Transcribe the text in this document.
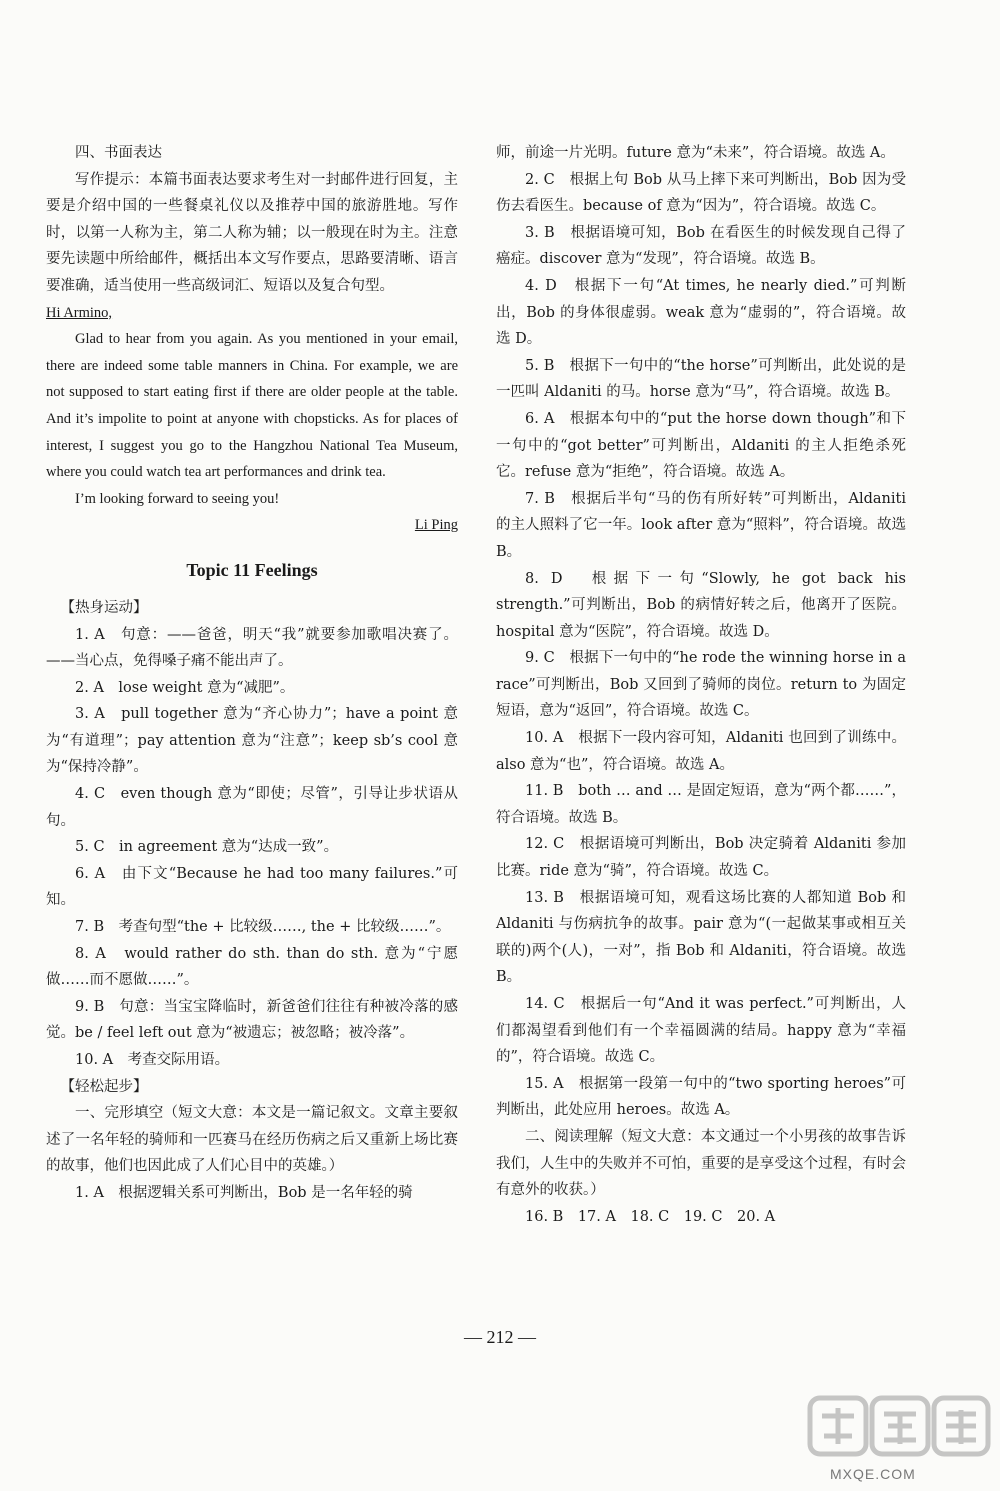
四、书面表达

写作提示：本篇书面表达要求考生对一封邮件进行回复，主要是介绍中国的一些餐桌礼仪以及推荐中国的旅游胜地。写作时，以第一人称为主，第二人称为辅；以一般现在时为主。注意要先读题中所给邮件，概括出本文写作要点，思路要清晰、语言要准确，适当使用一些高级词汇、短语以及复合句型。

Hi Armino,

Glad to hear from you again. As you mentioned in your email, there are indeed some table manners in China. For example, we are not supposed to start eating first if there are older people at the table. And it’s impolite to point at anyone with chopsticks. As for places of interest, I suggest you go to the Hangzhou National Tea Museum, where you could watch tea art performances and drink tea.

I’m looking forward to seeing you!

Li Ping

Topic 11 Feelings

【热身运动】

1. A　句意：——爸爸，明天“我”就要参加歌唱决赛了。——当心点，免得嗓子痛不能出声了。

2. A　lose weight 意为“减肥”。

3. A　pull together 意为“齐心协力”；have a point 意为“有道理”；pay attention 意为“注意”；keep sb’s cool 意为“保持冷静”。

4. C　even though 意为“即使；尽管”，引导让步状语从句。

5. C　in agreement 意为“达成一致”。

6. A　由下文“Because he had too many failures.”可知。

7. B　考查句型“the + 比较级……, the + 比较级……”。

8. A　would rather do sth. than do sth. 意为“宁愿做……而不愿做……”。

9. B　句意：当宝宝降临时，新爸爸们往往有种被冷落的感觉。be / feel left out 意为“被遗忘；被忽略；被冷落”。

10. A　考查交际用语。

【轻松起步】

一、完形填空（短文大意：本文是一篇记叙文。文章主要叙述了一名年轻的骑师和一匹赛马在经历伤病之后又重新上场比赛的故事，他们也因此成了人们心目中的英雄。）

1. A　根据逻辑关系可判断出，Bob 是一名年轻的骑

师，前途一片光明。future 意为“未来”，符合语境。故选 A。

2. C　根据上句 Bob 从马上摔下来可判断出，Bob 因为受伤去看医生。because of 意为“因为”，符合语境。故选 C。

3. B　根据语境可知，Bob 在看医生的时候发现自己得了癌症。discover 意为“发现”，符合语境。故选 B。

4. D　根据下一句“At times, he nearly died.”可判断出，Bob 的身体很虚弱。weak 意为“虚弱的”，符合语境。故选 D。

5. B　根据下一句中的“the horse”可判断出，此处说的是一匹叫 Aldaniti 的马。horse 意为“马”，符合语境。故选 B。

6. A　根据本句中的“put the horse down though”和下一句中的“got better”可判断出，Aldaniti 的主人拒绝杀死它。refuse 意为“拒绝”，符合语境。故选 A。

7. B　根据后半句“马的伤有所好转”可判断出，Aldaniti 的主人照料了它一年。look after 意为“照料”，符合语境。故选 B。

8. D　根据下一句“Slowly, he got back his strength.”可判断出，Bob 的病情好转之后，他离开了医院。hospital 意为“医院”，符合语境。故选 D。

9. C　根据下一句中的“he rode the winning horse in a race”可判断出，Bob 又回到了骑师的岗位。return to 为固定短语，意为“返回”，符合语境。故选 C。

10. A　根据下一段内容可知，Aldaniti 也回到了训练中。also 意为“也”，符合语境。故选 A。

11. B　both … and … 是固定短语，意为“两个都……”，符合语境。故选 B。

12. C　根据语境可判断出，Bob 决定骑着 Aldaniti 参加比赛。ride 意为“骑”，符合语境。故选 C。

13. B　根据语境可知，观看这场比赛的人都知道 Bob 和 Aldaniti 与伤病抗争的故事。pair 意为“(一起做某事或相互关联的)两个(人)，一对”，指 Bob 和 Aldaniti，符合语境。故选 B。

14. C　根据后一句“And it was perfect.”可判断出，人们都渴望看到他们有一个幸福圆满的结局。happy 意为“幸福的”，符合语境。故选 C。

15. A　根据第一段第一句中的“two sporting heroes”可判断出，此处应用 heroes。故选 A。

二、阅读理解（短文大意：本文通过一个小男孩的故事告诉我们，人生中的失败并不可怕，重要的是享受这个过程，有时会有意外的收获。）

16. B　17. A　18. C　19. C　20. A

— 212 —
MXQE.COM
